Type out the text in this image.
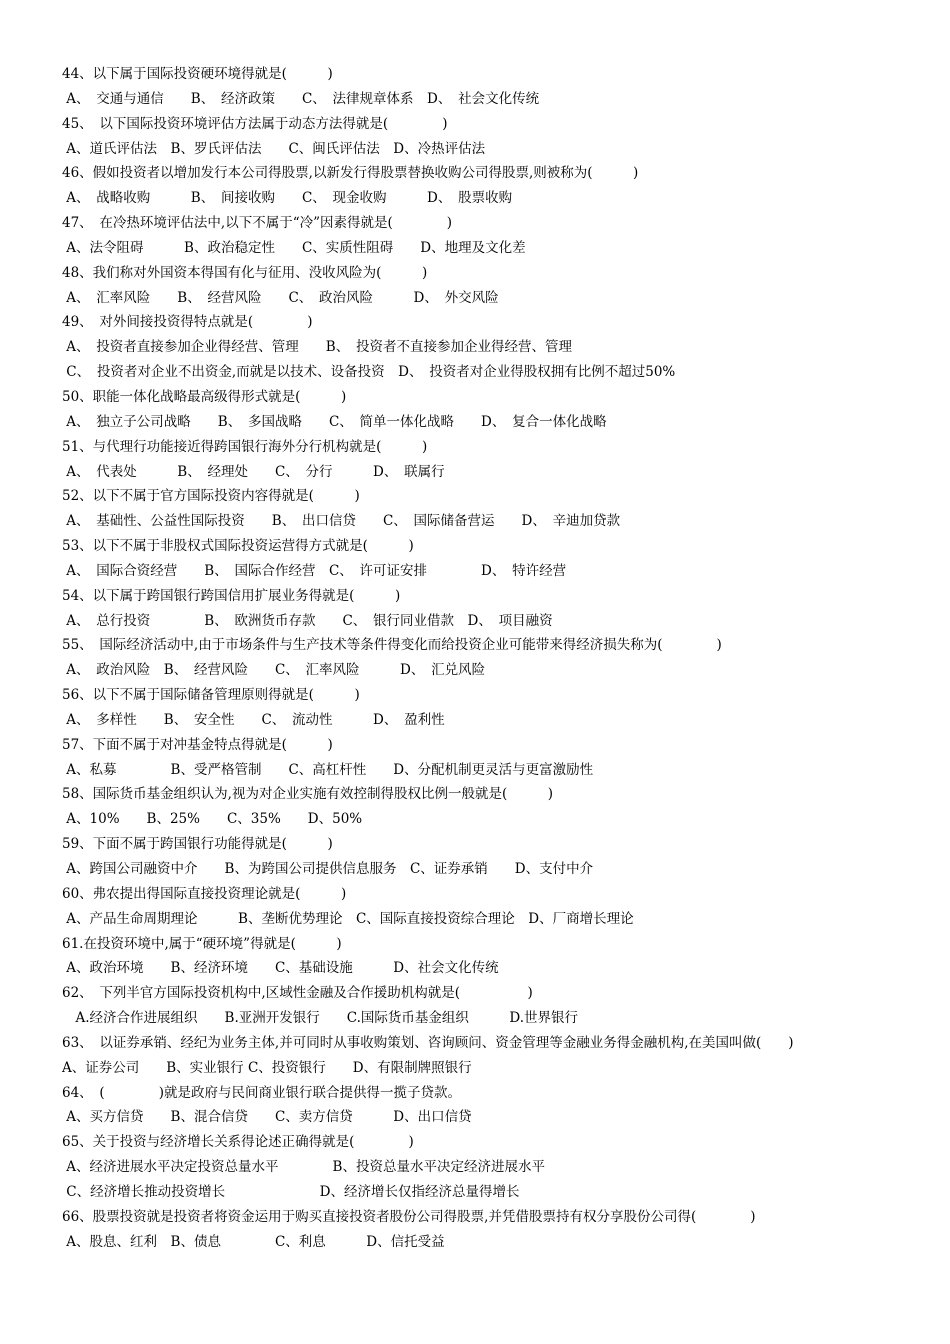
44、以下属于国际投资硬环境得就是(　　　)
A、　交通与通信　　B、　经济政策　　C、　法律规章体系　D、　社会文化传统
45、　以下国际投资环境评估方法属于动态方法得就是(　　　　)
A、道氏评估法　B、罗氏评估法　　C、闽氏评估法　D、冷热评估法
46、假如投资者以增加发行本公司得股票,以新发行得股票替换收购公司得股票,则被称为(　　　)
A、　战略收购　　　B、　间接收购　　C、　现金收购　　　D、　股票收购
47、　在冷热环境评估法中,以下不属于“冷”因素得就是(　　　　)
A、法令阻碍　　　B、政治稳定性　　C、实质性阻碍　　D、地理及文化差
48、我们称对外国资本得国有化与征用、没收风险为(　　　)
A、　汇率风险　　B、　经营风险　　C、　政治风险　　　D、　外交风险
49、　对外间接投资得特点就是(　　　　)
A、　投资者直接参加企业得经营、管理　　B、　投资者不直接参加企业得经营、管理
C、　投资者对企业不出资金,而就是以技术、设备投资　D、　投资者对企业得股权拥有比例不超过50%
50、职能一体化战略最高级得形式就是(　　　)
A、　独立子公司战略　　B、　多国战略　　C、　简单一体化战略　　D、　复合一体化战略
51、与代理行功能接近得跨国银行海外分行机构就是(　　　)
A、　代表处　　　B、　经理处　　C、　分行　　　D、　联属行
52、以下不属于官方国际投资内容得就是(　　　)
A、　基础性、公益性国际投资　　B、　出口信贷　　C、　国际储备营运　　D、　辛迪加贷款
53、以下不属于非股权式国际投资运营得方式就是(　　　)
A、　国际合资经营　　B、　国际合作经营　C、　许可证安排　　　　D、　特许经营
54、以下属于跨国银行跨国信用扩展业务得就是(　　　)
A、　总行投资　　　　B、　欧洲货币存款　　C、　银行同业借款　D、　项目融资
55、　国际经济活动中,由于市场条件与生产技术等条件得变化而给投资企业可能带来得经济损失称为(　　　　)
A、　政治风险　B、　经营风险　　C、　汇率风险　　　D、　汇兑风险
56、以下不属于国际储备管理原则得就是(　　　)
A、　多样性　　B、　安全性　　C、　流动性　　　D、　盈利性
57、下面不属于对冲基金特点得就是(　　　)
A、私募　　　　B、受严格管制　　C、高杠杆性　　D、分配机制更灵活与更富激励性
58、国际货币基金组织认为,视为对企业实施有效控制得股权比例一般就是(　　　)
A、10%　　B、25%　　C、35%　　D、50%
59、下面不属于跨国银行功能得就是(　　　)
A、跨国公司融资中介　　B、为跨国公司提供信息服务　C、证券承销　　D、支付中介
60、弗农提出得国际直接投资理论就是(　　　)
A、产品生命周期理论　　　B、垄断优势理论　C、国际直接投资综合理论　D、厂商增长理论
61.在投资环境中,属于“硬环境”得就是(　　　)
A、政治环境　　B、经济环境　　C、基础设施　　　D、社会文化传统
62、　下列半官方国际投资机构中,区域性金融及合作援助机构就是(　　　　　)
　A.经济合作进展组织　　B.亚洲开发银行　　C.国际货币基金组织　　　D.世界银行
63、　以证券承销、经纪为业务主体,并可同时从事收购策划、咨询顾问、资金管理等金融业务得金融机构,在美国叫做(　　)
A、证券公司　　B、实业银行 C、投资银行　　D、有限制牌照银行
64、　(　　　　)就是政府与民间商业银行联合提供得一揽子贷款。
A、买方信贷　　B、混合信贷　　C、卖方信贷　　　D、出口信贷
65、关于投资与经济增长关系得论述正确得就是(　　　　)
A、经济进展水平决定投资总量水平　　　　B、投资总量水平决定经济进展水平
C、经济增长推动投资增长　　　　　　　D、经济增长仅指经济总量得增长
66、股票投资就是投资者将资金运用于购买直接投资者股份公司得股票,并凭借股票持有权分享股份公司得(　　　　)
A、股息、红利　B、债息　　　　C、利息　　　D、信托受益
